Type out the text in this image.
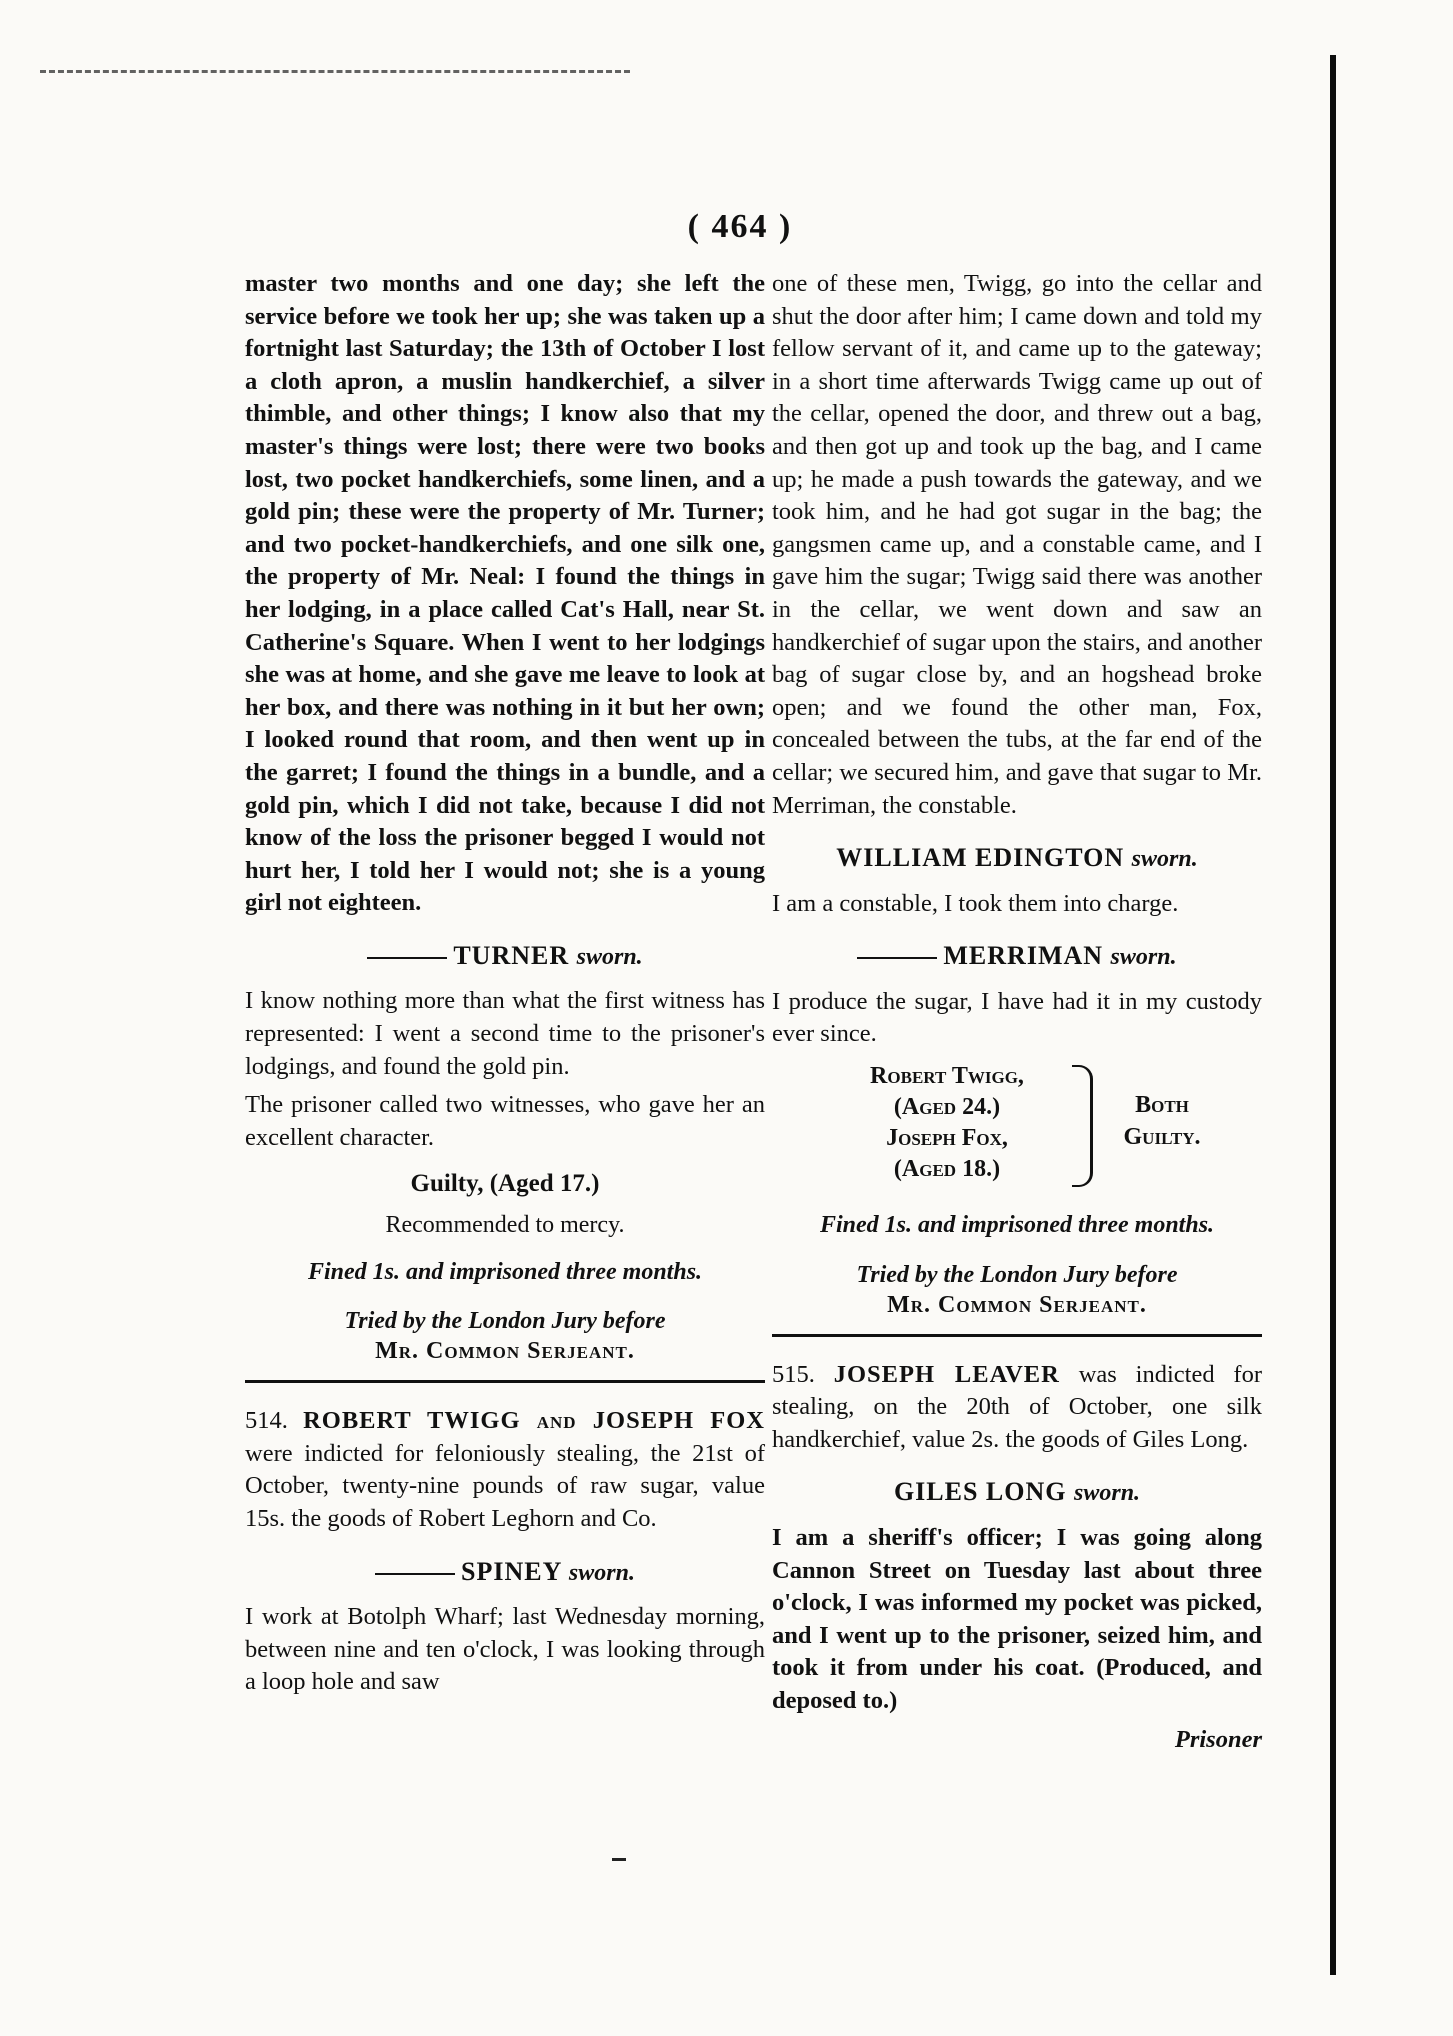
( 464 )

master two months and one day; she left the service before we took her up; she was taken up a fortnight last Saturday; the 13th of October I lost a cloth apron, a muslin handkerchief, a silver thimble, and other things; I know also that my master's things were lost; there were two books lost, two pocket handkerchiefs, some linen, and a gold pin; these were the property of Mr. Turner; and two pocket-handkerchiefs, and one silk one, the property of Mr. Neal: I found the things in her lodging, in a place called Cat's Hall, near St. Catherine's Square. When I went to her lodgings she was at home, and she gave me leave to look at her box, and there was nothing in it but her own; I looked round that room, and then went up in the garret; I found the things in a bundle, and a gold pin, which I did not take, because I did not know of the loss the prisoner begged I would not hurt her, I told her I would not; she is a young girl not eighteen.

TURNER sworn.

I know nothing more than what the first witness has represented: I went a second time to the prisoner's lodgings, and found the gold pin.

The prisoner called two witnesses, who gave her an excellent character.

Guilty, (Aged 17.)
Recommended to mercy.
Fined 1s. and imprisoned three months.
Tried by the London Jury before
Mr. Common Serjeant.

514. ROBERT TWIGG and JOSEPH FOX were indicted for feloniously stealing, the 21st of October, twenty-nine pounds of raw sugar, value 15s. the goods of Robert Leghorn and Co.

SPINEY sworn.

I work at Botolph Wharf; last Wednesday morning, between nine and ten o'clock, I was looking through a loop hole and saw

one of these men, Twigg, go into the cellar and shut the door after him; I came down and told my fellow servant of it, and came up to the gateway; in a short time afterwards Twigg came up out of the cellar, opened the door, and threw out a bag, and then got up and took up the bag, and I came up; he made a push towards the gateway, and we took him, and he had got sugar in the bag; the gangsmen came up, and a constable came, and I gave him the sugar; Twigg said there was another in the cellar, we went down and saw an handkerchief of sugar upon the stairs, and another bag of sugar close by, and an hogshead broke open; and we found the other man, Fox, concealed between the tubs, at the far end of the cellar; we secured him, and gave that sugar to Mr. Merriman, the constable.

WILLIAM EDINGTON sworn.

I am a constable, I took them into charge.

MERRIMAN sworn.

I produce the sugar, I have had it in my custody ever since.

Robert Twigg,
(Aged 24.)
Joseph Fox,
(Aged 18.)
Both
Guilty.
Fined 1s. and imprisoned three months.
Tried by the London Jury before
Mr. Common Serjeant.

515. JOSEPH LEAVER was indicted for stealing, on the 20th of October, one silk handkerchief, value 2s. the goods of Giles Long.

GILES LONG sworn.

I am a sheriff's officer; I was going along Cannon Street on Tuesday last about three o'clock, I was informed my pocket was picked, and I went up to the prisoner, seized him, and took it from under his coat. (Produced, and deposed to.)

Prisoner
